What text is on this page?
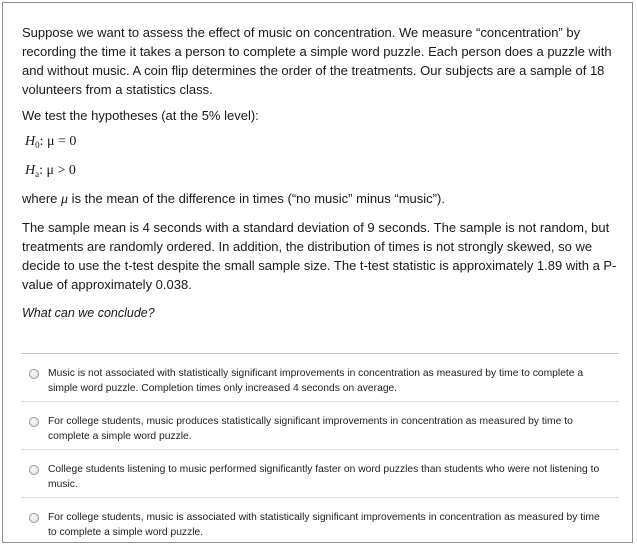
Suppose we want to assess the effect of music on concentration. We measure “concentration” by recording the time it takes a person to complete a simple word puzzle. Each person does a puzzle with and without music. A coin flip determines the order of the treatments. Our subjects are a sample of 18 volunteers from a statistics class.

We test the hypotheses (at the 5% level):

$H_0$: μ = 0

$H_a$: μ > 0

where μ is the mean of the difference in times (“no music” minus “music”).

The sample mean is 4 seconds with a standard deviation of 9 seconds. The sample is not random, but treatments are randomly ordered. In addition, the distribution of times is not strongly skewed, so we decide to use the t-test despite the small sample size. The t-test statistic is approximately 1.89 with a P-value of approximately 0.038.

What can we conclude?

Music is not associated with statistically significant improvements in concentration as measured by time to complete a simple word puzzle. Completion times only increased 4 seconds on average.
For college students, music produces statistically significant improvements in concentration as measured by time to complete a simple word puzzle.
College students listening to music performed significantly faster on word puzzles than students who were not listening to music.
For college students, music is associated with statistically significant improvements in concentration as measured by time to complete a simple word puzzle.
